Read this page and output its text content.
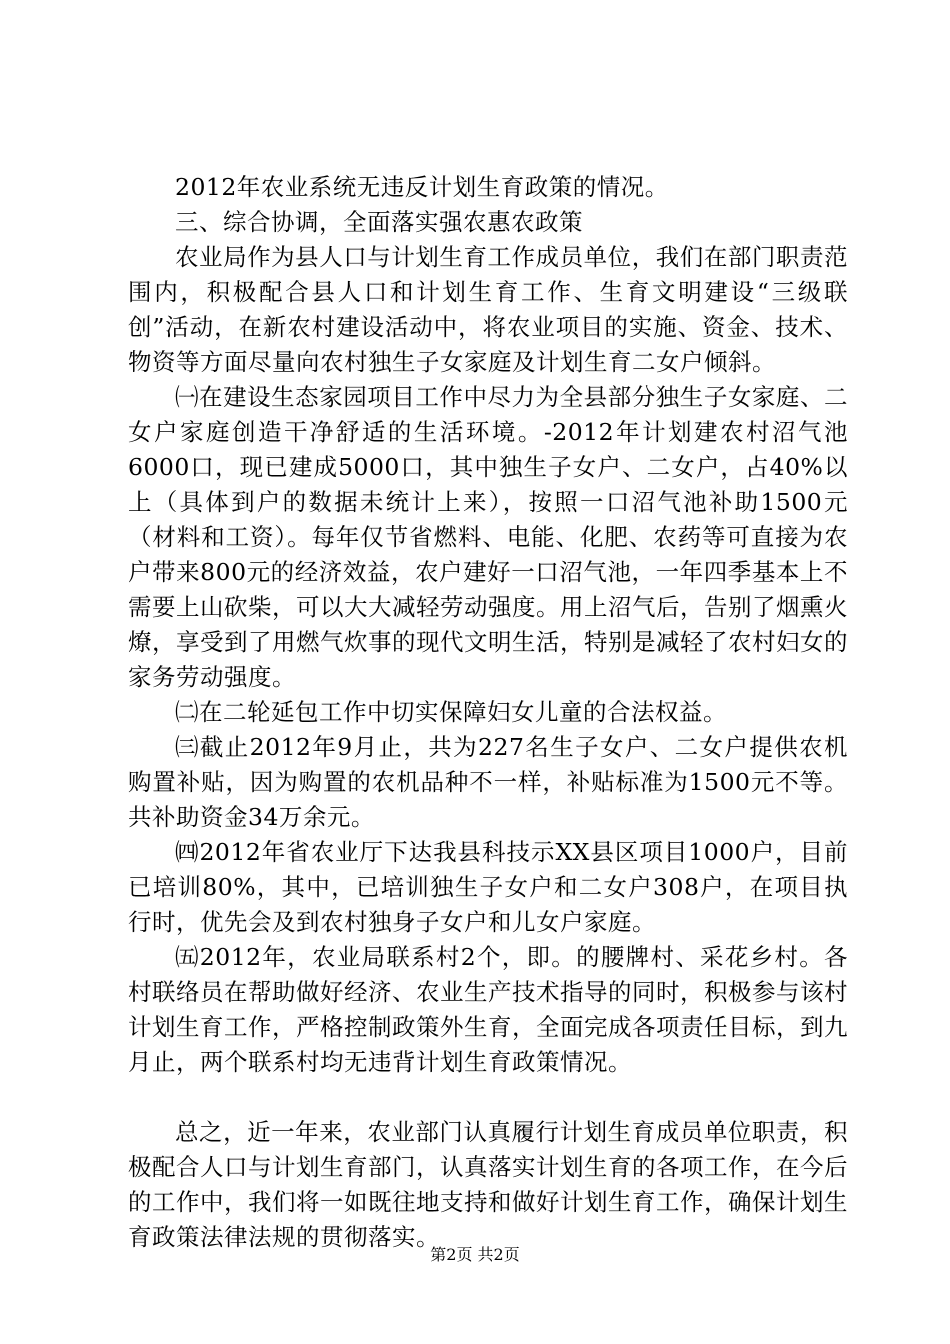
2012年农业系统无违反计划生育政策的情况。

三、综合协调，全面落实强农惠农政策

农业局作为县人口与计划生育工作成员单位，我们在部门职责范围内，积极配合县人口和计划生育工作、生育文明建设“三级联创”活动，在新农村建设活动中，将农业项目的实施、资金、技术、物资等方面尽量向农村独生子女家庭及计划生育二女户倾斜。

㈠在建设生态家园项目工作中尽力为全县部分独生子女家庭、二女户家庭创造干净舒适的生活环境。-2012年计划建农村沼气池6000口，现已建成5000口，其中独生子女户、二女户，占40%以上（具体到户的数据未统计上来），按照一口沼气池补助1500元（材料和工资）。每年仅节省燃料、电能、化肥、农药等可直接为农户带来800元的经济效益，农户建好一口沼气池，一年四季基本上不需要上山砍柴，可以大大减轻劳动强度。用上沼气后，告别了烟熏火燎，享受到了用燃气炊事的现代文明生活，特别是减轻了农村妇女的家务劳动强度。

㈡在二轮延包工作中切实保障妇女儿童的合法权益。

㈢截止2012年9月止，共为227名生子女户、二女户提供农机购置补贴，因为购置的农机品种不一样，补贴标准为1500元不等。共补助资金34万余元。

㈣2012年省农业厅下达我县科技示XX县区项目1000户，目前已培训80%，其中，已培训独生子女户和二女户308户，在项目执行时，优先会及到农村独身子女户和儿女户家庭。

㈤2012年，农业局联系村2个，即。的腰牌村、采花乡村。各村联络员在帮助做好经济、农业生产技术指导的同时，积极参与该村计划生育工作，严格控制政策外生育，全面完成各项责任目标，到九月止，两个联系村均无违背计划生育政策情况。

总之，近一年来，农业部门认真履行计划生育成员单位职责，积极配合人口与计划生育部门，认真落实计划生育的各项工作，在今后的工作中，我们将一如既往地支持和做好计划生育工作，确保计划生育政策法律法规的贯彻落实。

第2页 共2页
